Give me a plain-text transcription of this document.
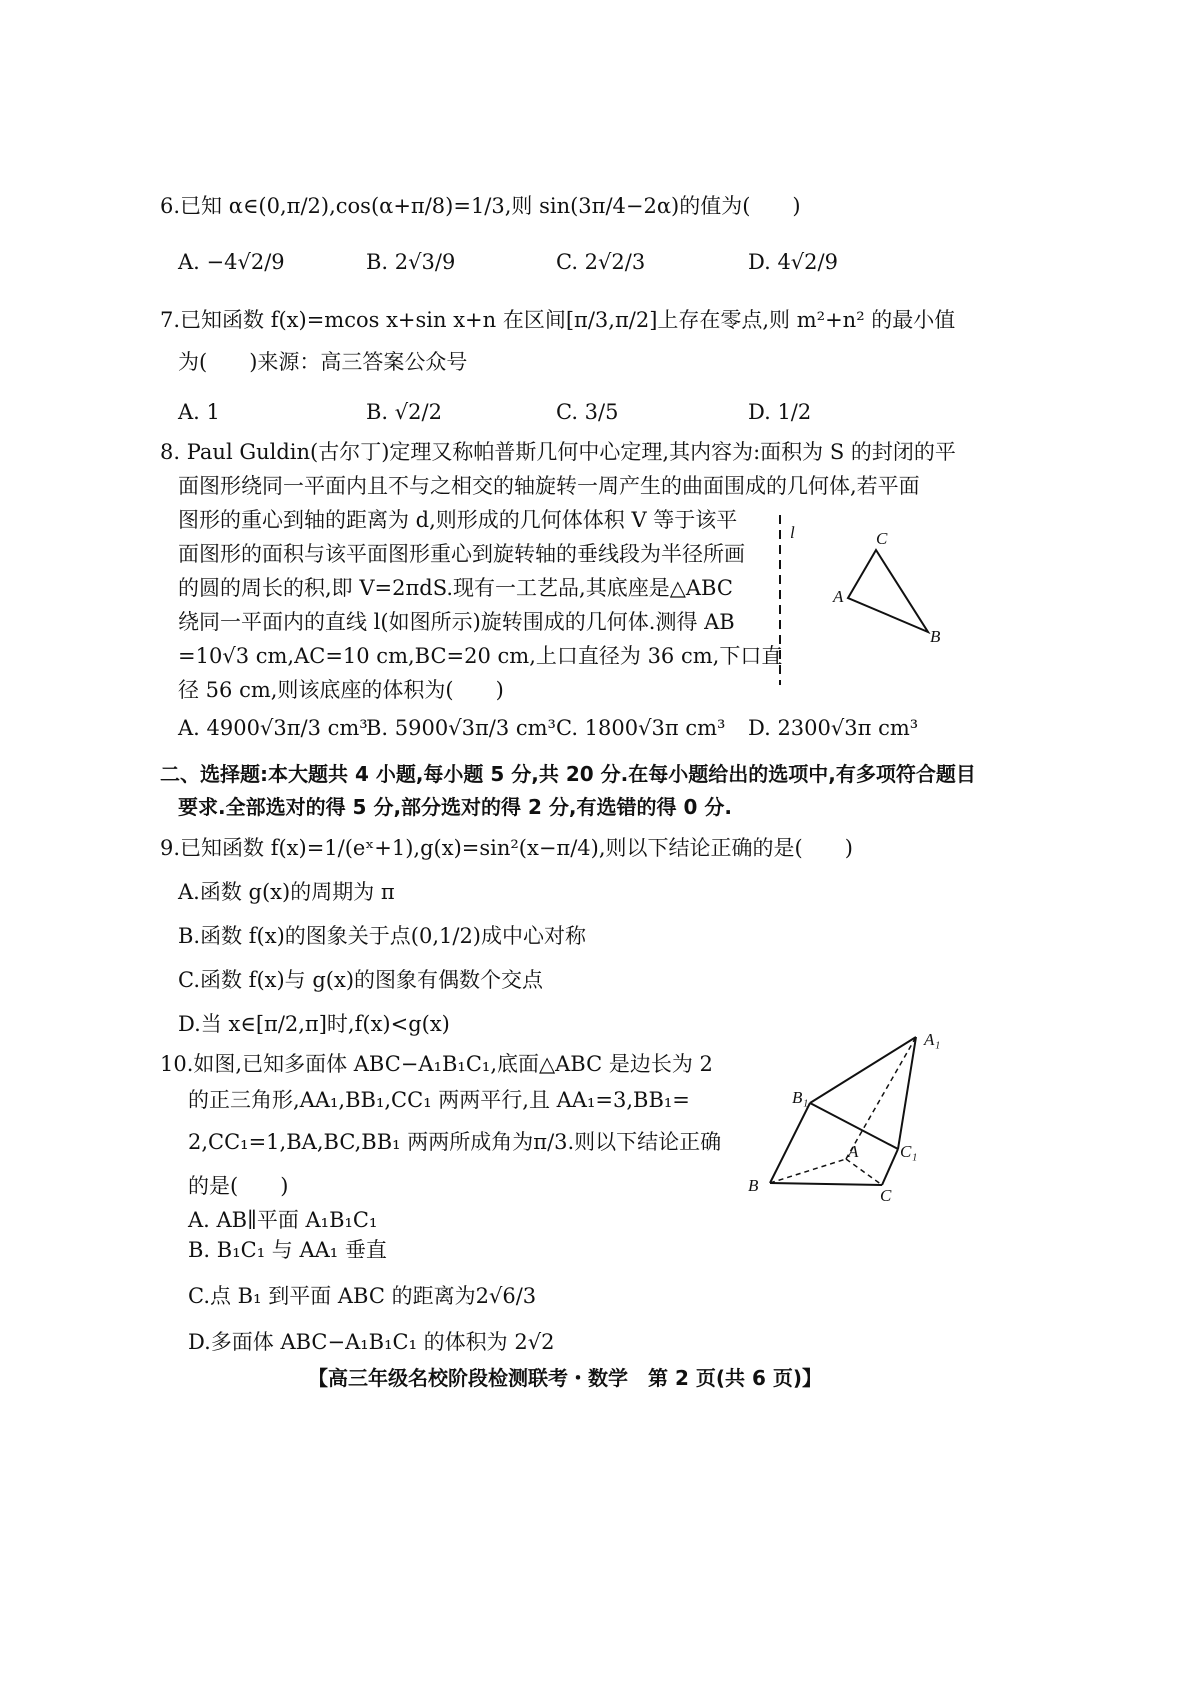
6.已知 α∈(0,π/2),cos(α+π/8)=1/3,则 sin(3π/4−2α)的值为(　　)
A. −4√2/9	B. 2√3/9	C. 2√2/3	D. 4√2/9
7.已知函数 f(x)=mcos x+sin x+n 在区间[π/3,π/2]上存在零点,则 m²+n² 的最小值
为(　　)来源：高三答案公众号
A. 1	B. √2/2	C. 3/5	D. 1/2
8. Paul Guldin(古尔丁)定理又称帕普斯几何中心定理,其内容为:面积为 S 的封闭的平
面图形绕同一平面内且不与之相交的轴旋转一周产生的曲面围成的几何体,若平面
图形的重心到轴的距离为 d,则形成的几何体体积 V 等于该平
面图形的面积与该平面图形重心到旋转轴的垂线段为半径所画
的圆的周长的积,即 V=2πdS.现有一工艺品,其底座是△ABC
绕同一平面内的直线 l(如图所示)旋转围成的几何体.测得 AB
=10√3 cm,AC=10 cm,BC=20 cm,上口直径为 36 cm,下口直
径 56 cm,则该底座的体积为(　　)
A. 4900√3π/3 cm³
B. 5900√3π/3 cm³ C. 1800√3π cm³ D. 2300√3π cm³
l
A
C
B
二、选择题:本大题共 4 小题,每小题 5 分,共 20 分.在每小题给出的选项中,有多项符合题目
要求.全部选对的得 5 分,部分选对的得 2 分,有选错的得 0 分.
9.已知函数 f(x)=1/(eˣ+1),g(x)=sin²(x−π/4),则以下结论正确的是(　　)
A.函数 g(x)的周期为 π
B.函数 f(x)的图象关于点(0,1/2)成中心对称
C.函数 f(x)与 g(x)的图象有偶数个交点
D.当 x∈[π/2,π]时,f(x)<g(x)
10.如图,已知多面体 ABC−A₁B₁C₁,底面△ABC 是边长为 2
的正三角形,AA₁,BB₁,CC₁ 两两平行,且 AA₁=3,BB₁=
2,CC₁=1,BA,BC,BB₁ 两两所成角为π/3.则以下结论正确
的是(　　)
A. AB∥平面 A₁B₁C₁
B. B₁C₁ 与 AA₁ 垂直
C.点 B₁ 到平面 ABC 的距离为2√6/3
D.多面体 ABC−A₁B₁C₁ 的体积为 2√2
A₁
B₁
C₁
A
B
C
【高三年级名校阶段检测联考・数学　第 2 页(共 6 页)】
